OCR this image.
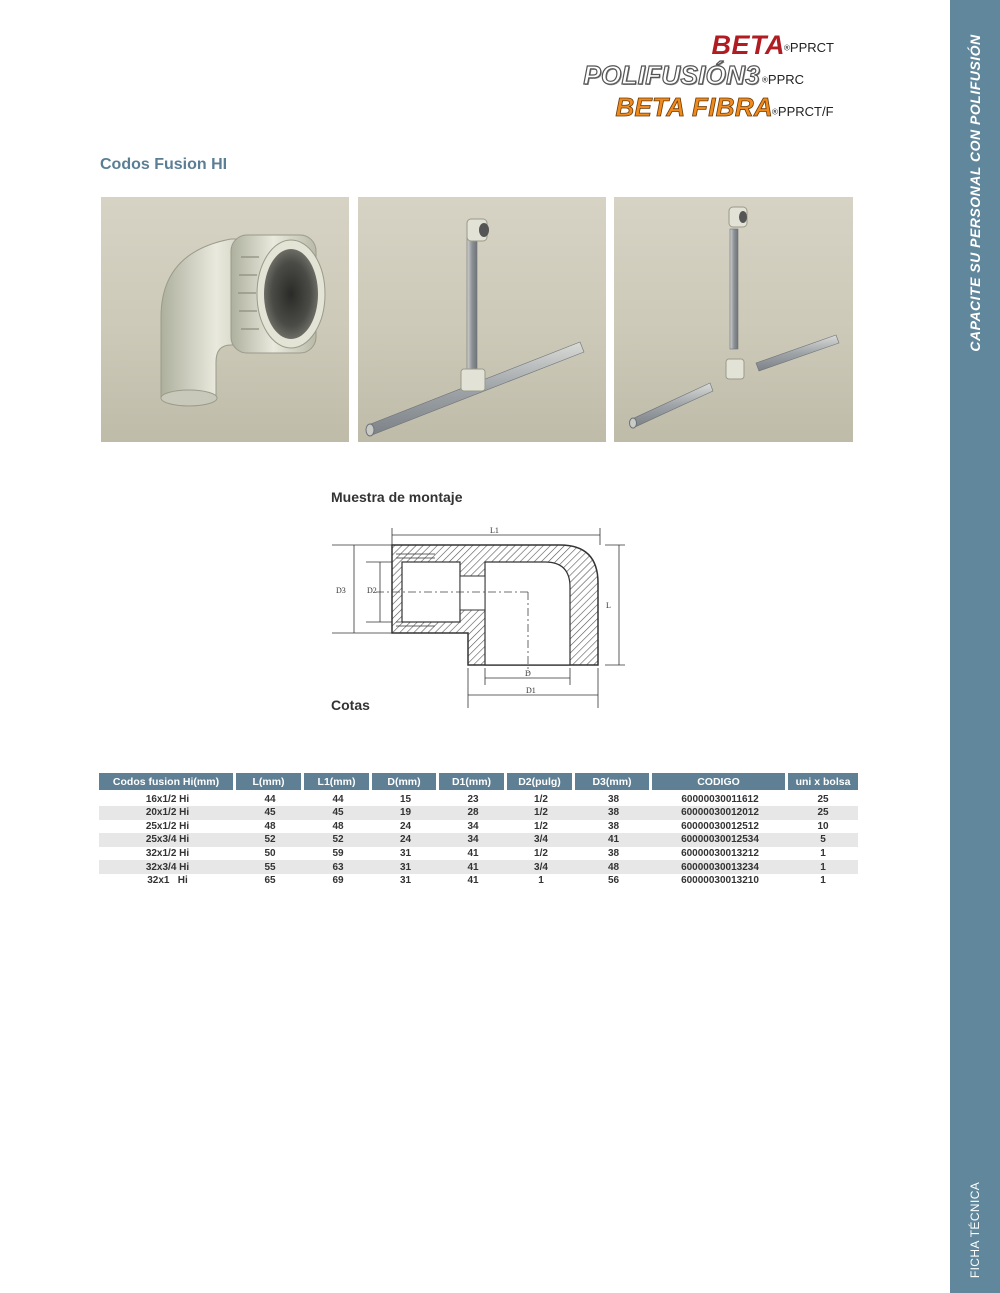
BETA ®PPRCT
POLIFUSIÓN3 ®PPRC
BETA FIBRA ®PPRCT/F	CAPACITE SU PERSONAL CON POLIFUSIÓN
FICHA TÉCNICA
Codos Fusion HI
Muestra de montaje
L1
L
D3	D2
D
D1
Cotas
Codos fusion Hi(mm)	L(mm)	L1(mm)	D(mm)	D1(mm)	D2(pulg)	D3(mm)	CODIGO	uni x bolsa
16x1/2 Hi	44	44	15	23	1/2	38	60000030011612	25
20x1/2 Hi	45	45	19	28	1/2	38	60000030012012	25
25x1/2 Hi	48	48	24	34	1/2	38	60000030012512	10
25x3/4 Hi	52	52	24	34	3/4	41	60000030012534	5
32x1/2 Hi	50	59	31	41	1/2	38	60000030013212	1
32x3/4 Hi	55	63	31	41	3/4	48	60000030013234	1
32x1   Hi	65	69	31	41	1	56	60000030013210	1
